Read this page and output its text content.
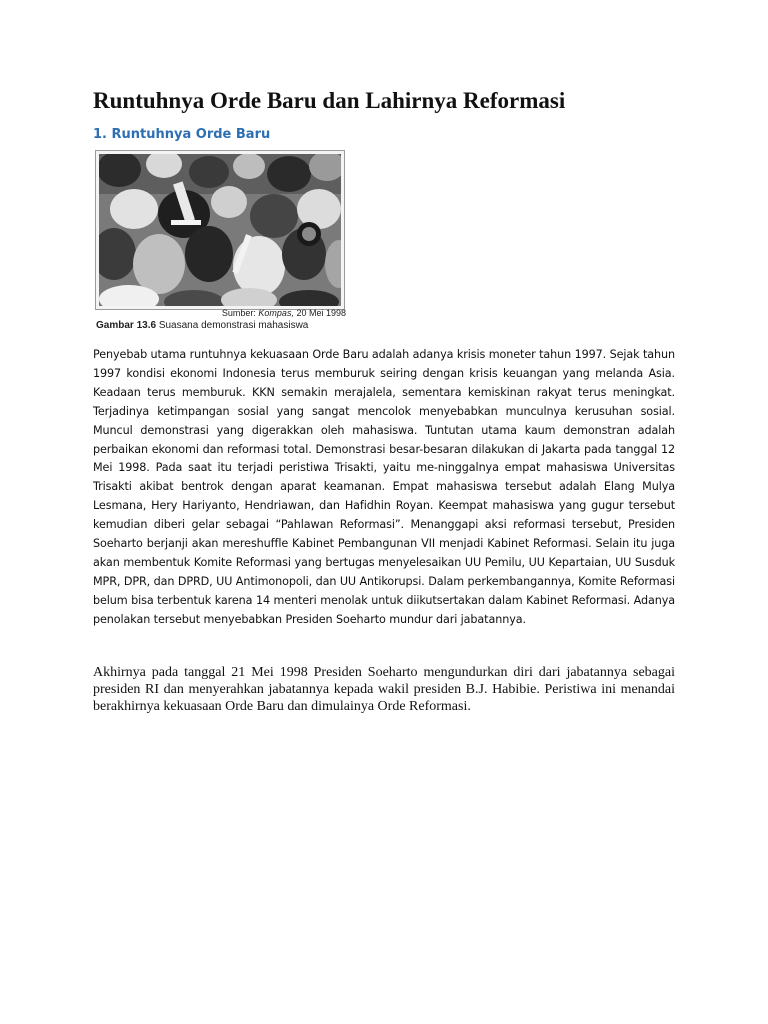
Runtuhnya Orde Baru dan Lahirnya Reformasi
1. Runtuhnya Orde Baru
Sumber: Kompas, 20 Mei 1998
Gambar 13.6 Suasana demonstrasi mahasiswa

Penyebab utama runtuhnya kekuasaan Orde Baru adalah adanya krisis moneter tahun 1997. Sejak tahun 1997 kondisi ekonomi Indonesia terus memburuk seiring dengan krisis keuangan yang melanda Asia. Keadaan terus memburuk. KKN semakin merajalela, sementara kemiskinan rakyat terus meningkat. Terjadinya ketimpangan sosial yang sangat mencolok menyebabkan munculnya kerusuhan sosial. Muncul demonstrasi yang digerakkan oleh mahasiswa. Tuntutan utama kaum demonstran adalah perbaikan ekonomi dan reformasi total. Demonstrasi besar-besaran dilakukan di Jakarta pada tanggal 12 Mei 1998. Pada saat itu terjadi peristiwa Trisakti, yaitu me-ninggalnya empat mahasiswa Universitas Trisakti akibat bentrok dengan aparat keamanan. Empat mahasiswa tersebut adalah Elang Mulya Lesmana, Hery Hariyanto, Hendriawan, dan Hafidhin Royan. Keempat mahasiswa yang gugur tersebut kemudian diberi gelar sebagai “Pahlawan Reformasi”. Menanggapi aksi reformasi tersebut, Presiden Soeharto berjanji akan mereshuffle Kabinet Pembangunan VII menjadi Kabinet Reformasi. Selain itu juga akan membentuk Komite Reformasi yang bertugas menyelesaikan UU Pemilu, UU Kepartaian, UU Susduk MPR, DPR, dan DPRD, UU Antimonopoli, dan UU Antikorupsi. Dalam perkembangannya, Komite Reformasi belum bisa terbentuk karena 14 menteri menolak untuk diikutsertakan dalam Kabinet Reformasi. Adanya penolakan tersebut menyebabkan Presiden Soeharto mundur dari jabatannya.

Akhirnya pada tanggal 21 Mei 1998 Presiden Soeharto mengundurkan diri dari jabatannya sebagai presiden RI dan menyerahkan jabatannya kepada wakil presiden B.J. Habibie. Peristiwa ini menandai berakhirnya kekuasaan Orde Baru dan dimulainya Orde Reformasi.
